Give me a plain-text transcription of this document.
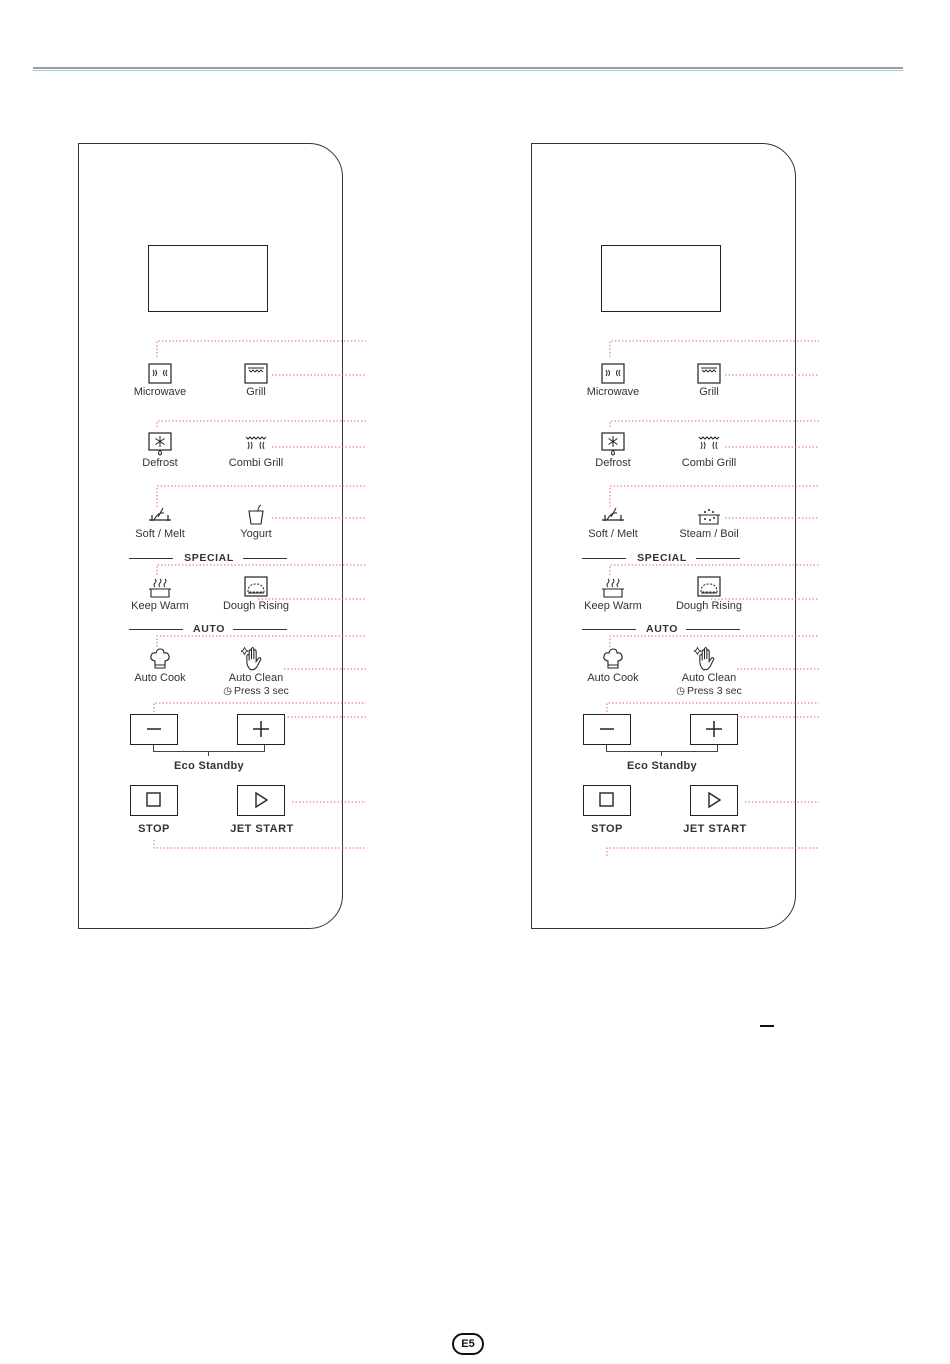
Microwave	Grill
Defrost	Combi Grill
Soft / Melt	Yogurt
SPECIAL
Keep Warm	Dough Rising
AUTO
Auto Cook	Auto Clean
◷ Press 3 sec
Eco Standby
STOP	JET START
Microwave	Grill
Defrost	Combi Grill
Soft / Melt	Steam / Boil
SPECIAL
Keep Warm	Dough Rising
AUTO
Auto Cook	Auto Clean
◷ Press 3 sec
Eco Standby
STOP	JET START
E5
